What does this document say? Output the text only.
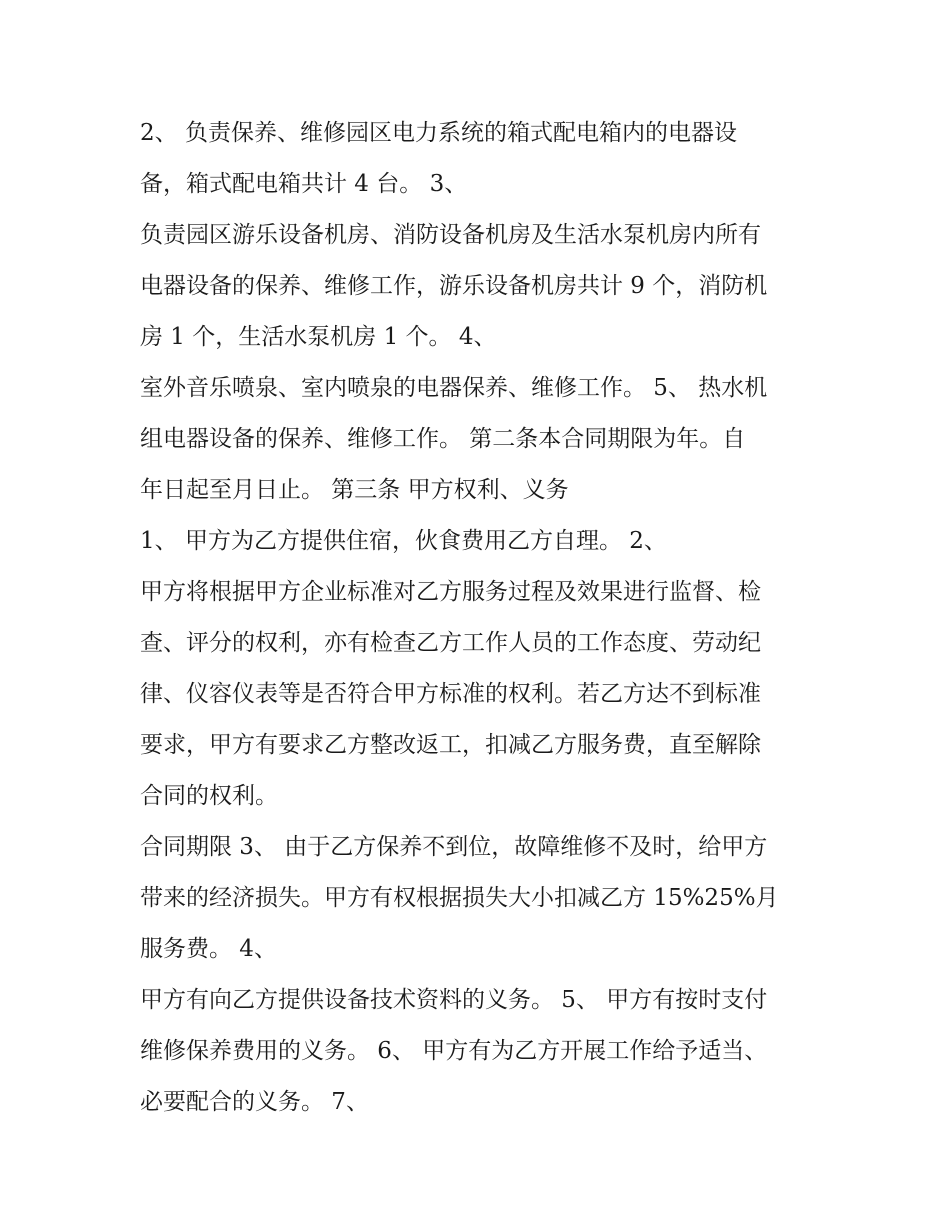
2、 负责保养、维修园区电力系统的箱式配电箱内的电器设
备，箱式配电箱共计 4 台。 3、
负责园区游乐设备机房、消防设备机房及生活水泵机房内所有
电器设备的保养、维修工作，游乐设备机房共计 9 个，消防机
房 1 个，生活水泵机房 1 个。 4、
室外音乐喷泉、室内喷泉的电器保养、维修工作。 5、 热水机
组电器设备的保养、维修工作。 第二条本合同期限为年。自
年日起至月日止。 第三条 甲方权利、义务
1、 甲方为乙方提供住宿，伙食费用乙方自理。 2、
甲方将根据甲方企业标准对乙方服务过程及效果进行监督、检
查、评分的权利，亦有检查乙方工作人员的工作态度、劳动纪
律、仪容仪表等是否符合甲方标准的权利。若乙方达不到标准
要求，甲方有要求乙方整改返工，扣减乙方服务费，直至解除
合同的权利。
合同期限 3、 由于乙方保养不到位，故障维修不及时，给甲方
带来的经济损失。甲方有权根据损失大小扣减乙方 15%25%月
服务费。 4、
甲方有向乙方提供设备技术资料的义务。 5、 甲方有按时支付
维修保养费用的义务。 6、 甲方有为乙方开展工作给予适当、
必要配合的义务。 7、
